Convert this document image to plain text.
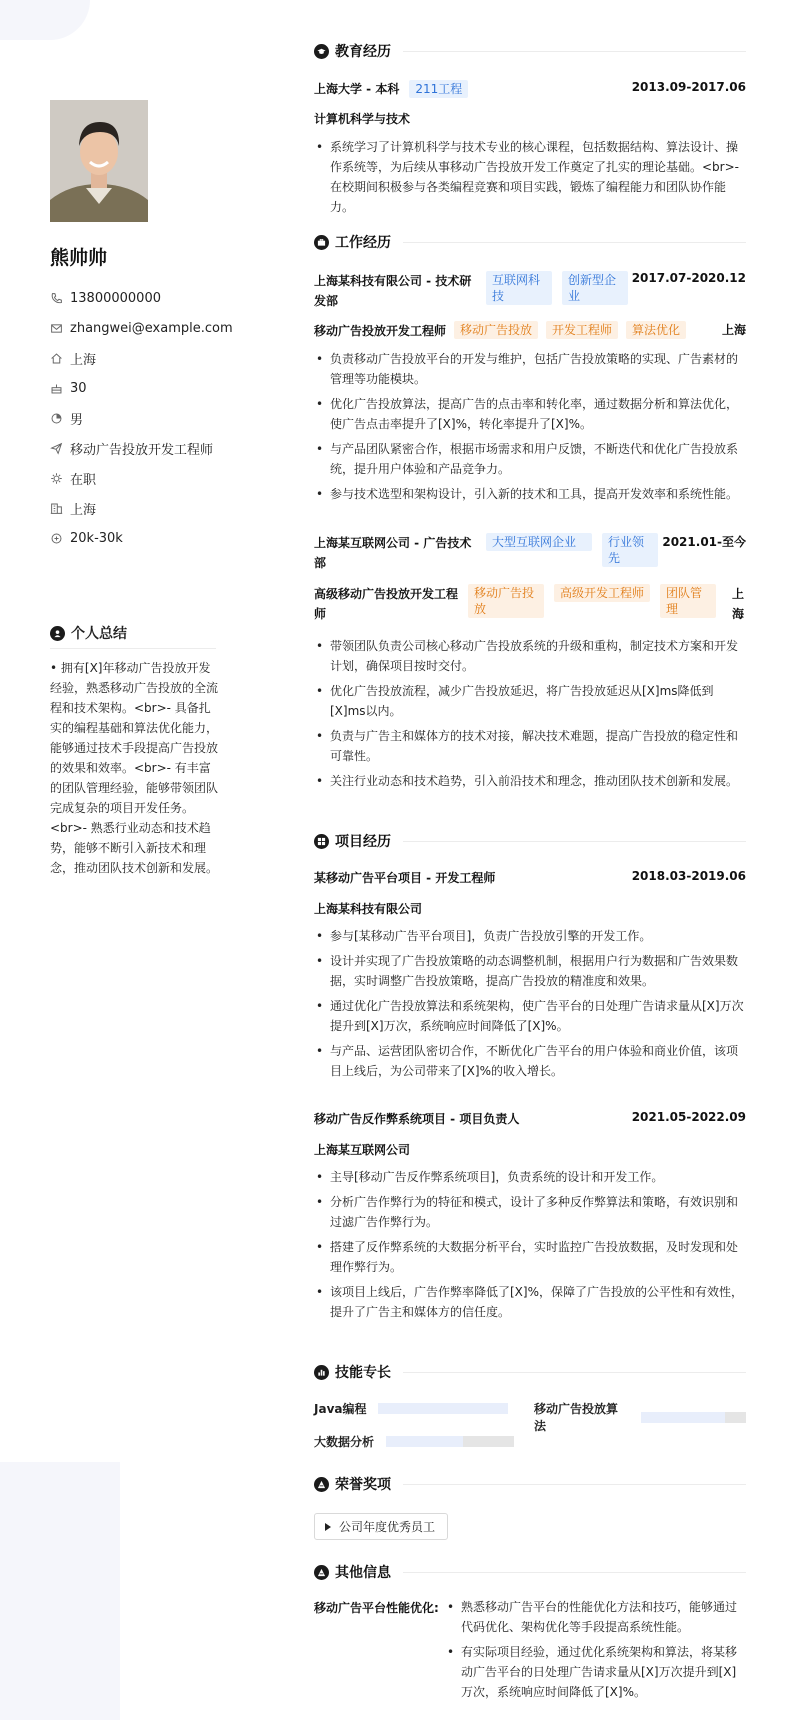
熊帅帅
13800000000
zhangwei@example.com
上海
30
男
移动广告投放开发工程师
在职
上海
20k-30k
个人总结
• 拥有[X]年移动广告投放开发经验，熟悉移动广告投放的全流程和技术架构。<br>- 具备扎实的编程基础和算法优化能力，能够通过技术手段提高广告投放的效果和效率。<br>- 有丰富的团队管理经验，能够带领团队完成复杂的项目开发任务。<br>- 熟悉行业动态和技术趋势，能够不断引入新技术和理念，推动团队技术创新和发展。
教育经历
上海大学 - 本科	211工程	2013.09-2017.06
计算机科学与技术
• 系统学习了计算机科学与技术专业的核心课程，包括数据结构、算法设计、操作系统等，为后续从事移动广告投放开发工作奠定了扎实的理论基础。<br>- 在校期间积极参与各类编程竞赛和项目实践，锻炼了编程能力和团队协作能力。
工作经历
上海某科技有限公司 - 技术研发部
互联网科技
创新型企业
2017.07-2020.12
移动广告投放开发工程师	移动广告投放	开发工程师	算法优化	上海
• 负责移动广告投放平台的开发与维护，包括广告投放策略的实现、广告素材的管理等功能模块。
• 优化广告投放算法，提高广告的点击率和转化率，通过数据分析和算法优化，使广告点击率提升了[X]%，转化率提升了[X]%。
• 与产品团队紧密合作，根据市场需求和用户反馈，不断迭代和优化广告投放系统，提升用户体验和产品竞争力。
• 参与技术选型和架构设计，引入新的技术和工具，提高开发效率和系统性能。
上海某互联网公司 - 广告技术部
大型互联网企业	行业领先
2021.01-至今
高级移动广告投放开发工程师
移动广告投放
高级开发工程师	团队管理
上海
• 带领团队负责公司核心移动广告投放系统的升级和重构，制定技术方案和开发计划，确保项目按时交付。
• 优化广告投放流程，减少广告投放延迟，将广告投放延迟从[X]ms降低到[X]ms以内。
• 负责与广告主和媒体方的技术对接，解决技术难题，提高广告投放的稳定性和可靠性。
• 关注行业动态和技术趋势，引入前沿技术和理念，推动团队技术创新和发展。
项目经历
某移动广告平台项目 - 开发工程师	2018.03-2019.06
上海某科技有限公司
• 参与[某移动广告平台项目]，负责广告投放引擎的开发工作。
• 设计并实现了广告投放策略的动态调整机制，根据用户行为数据和广告效果数据，实时调整广告投放策略，提高广告投放的精准度和效果。
• 通过优化广告投放算法和系统架构，使广告平台的日处理广告请求量从[X]万次提升到[X]万次，系统响应时间降低了[X]%。
• 与产品、运营团队密切合作，不断优化广告平台的用户体验和商业价值，该项目上线后，为公司带来了[X]%的收入增长。
移动广告反作弊系统项目 - 项目负责人	2021.05-2022.09
上海某互联网公司
• 主导[移动广告反作弊系统项目]，负责系统的设计和开发工作。
• 分析广告作弊行为的特征和模式，设计了多种反作弊算法和策略，有效识别和过滤广告作弊行为。
• 搭建了反作弊系统的大数据分析平台，实时监控广告投放数据，及时发现和处理作弊行为。
• 该项目上线后，广告作弊率降低了[X]%，保障了广告投放的公平性和有效性，提升了广告主和媒体方的信任度。
技能专长
Java编程	移动广告投放算法
大数据分析
荣誉奖项
公司年度优秀员工
其他信息
移动广告平台性能优化:
•	熟悉移动广告平台的性能优化方法和技巧，能够通过代码优化、架构优化等手段提高系统性能。
• 有实际项目经验，通过优化系统架构和算法，将某移动广告平台的日处理广告请求量从[X]万次提升到[X]万次，系统响应时间降低了[X]%。
